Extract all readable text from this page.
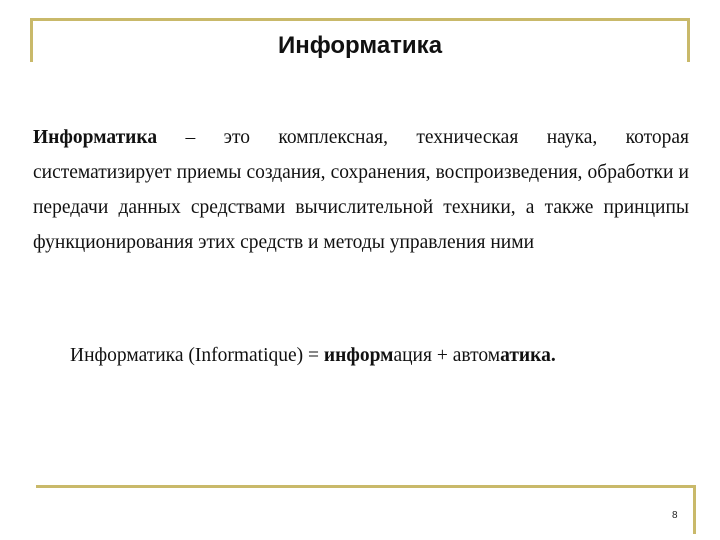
Информатика
Информатика – это комплексная, техническая наука, которая систематизирует приемы создания, сохранения, воспроизведения, обработки и передачи данных средствами вычислительной техники, а также принципы функционирования этих средств и методы управления ними
Информатика (Informatique) = информация + автоматика.
8
